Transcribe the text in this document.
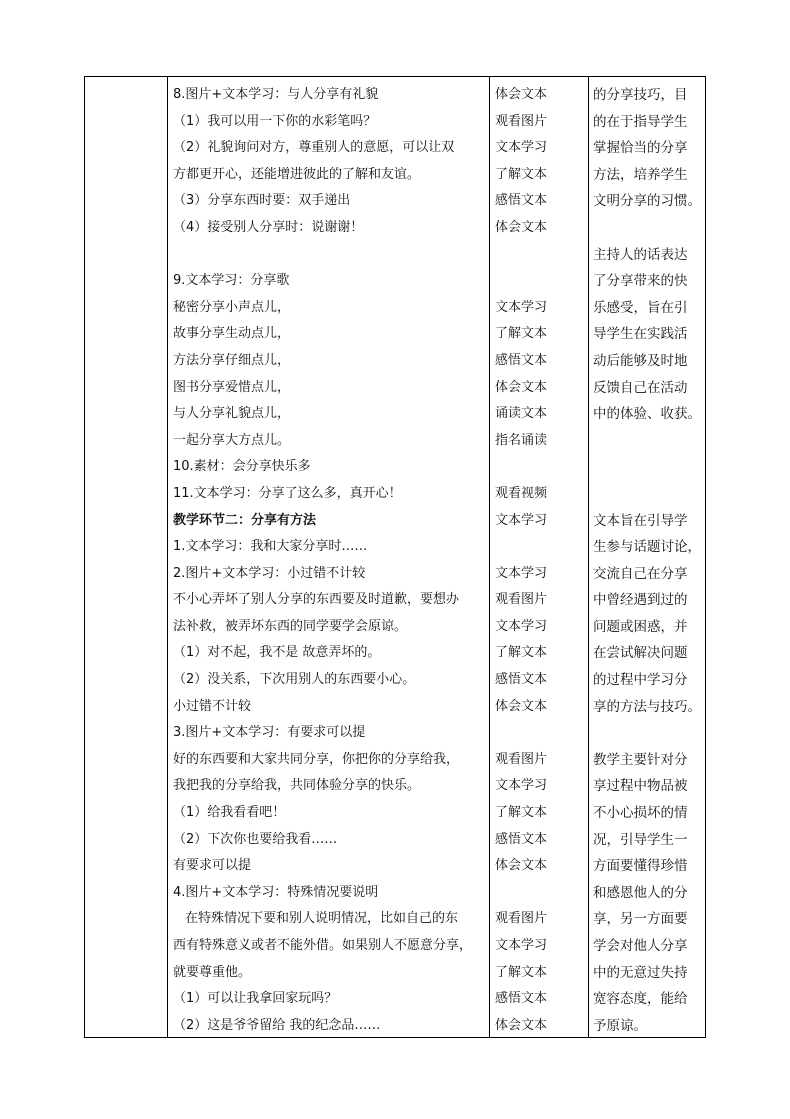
8.图片+文本学习：与人分享有礼貌
（1）我可以用一下你的水彩笔吗？
（2）礼貌询问对方，尊重别人的意愿，可以让双
方都更开心，还能增进彼此的了解和友谊。
（3）分享东西时要：双手递出
（4）接受别人分享时：说谢谢！
9.文本学习：分享歌
秘密分享小声点儿，
故事分享生动点儿，
方法分享仔细点儿，
图书分享爱惜点儿，
与人分享礼貌点儿，
一起分享大方点儿。
10.素材：会分享快乐多
11.文本学习：分享了这么多，真开心！
教学环节二：分享有方法
1.文本学习：我和大家分享时……
2.图片+文本学习：小过错不计较
不小心弄坏了别人分享的东西要及时道歉，要想办
法补救，被弄坏东西的同学要学会原谅。
（1）对不起，我不是 故意弄坏的。
（2）没关系，下次用别人的东西要小心。
小过错不计较
3.图片+文本学习：有要求可以提
好的东西要和大家共同分享，你把你的分享给我，
我把我的分享给我，共同体验分享的快乐。
（1）给我看看吧！
（2）下次你也要给我看……
有要求可以提
4.图片+文本学习：特殊情况要说明
在特殊情况下要和别人说明情况，比如自己的东
西有特殊意义或者不能外借。如果别人不愿意分享，
就要尊重他。
（1）可以让我拿回家玩吗？
（2）这是爷爷留给 我的纪念品……
体会文本
观看图片
文本学习
了解文本
感悟文本
体会文本
文本学习
了解文本
感悟文本
体会文本
诵读文本
指名诵读
观看视频
文本学习
文本学习
观看图片
文本学习
了解文本
感悟文本
体会文本
观看图片
文本学习
了解文本
感悟文本
体会文本
观看图片
文本学习
了解文本
感悟文本
体会文本
的分享技巧，目
的在于指导学生
掌握恰当的分享
方法，培养学生
文明分享的习惯。
主持人的话表达
了分享带来的快
乐感受，旨在引
导学生在实践活
动后能够及时地
反馈自己在活动
中的体验、收获。
文本旨在引导学
生参与话题讨论，
交流自己在分享
中曾经遇到过的
问题或困惑，并
在尝试解决问题
的过程中学习分
享的方法与技巧。
教学主要针对分
享过程中物品被
不小心损坏的情
况，引导学生一
方面要懂得珍惜
和感恩他人的分
享，另一方面要
学会对他人分享
中的无意过失持
宽容态度，能给
予原谅。
